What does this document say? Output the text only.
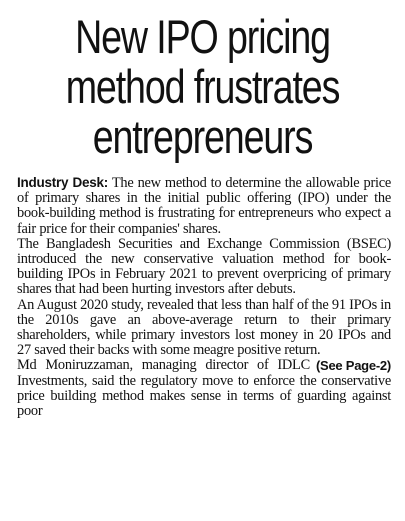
New IPO pricing
method frustrates
entrepreneurs

Industry Desk: The new method to determine the allowable price of primary shares in the initial public offering (IPO) under the book-building method is frustrating for entrepreneurs who expect a fair price for their companies' shares.

The Bangladesh Securities and Exchange Commission (BSEC) introduced the new conservative valuation method for book-building IPOs in February 2021 to prevent overpricing of primary shares that had been hurting investors after debuts.

An August 2020 study, revealed that less than half of the 91 IPOs in the 2010s gave an above-average return to their primary shareholders, while primary investors lost money in 20 IPOs and 27 saved their backs with some meagre positive return.

(See Page-2)
Md Moniruzzaman, managing director of IDLC Investments, said the regulatory move to enforce the conservative price building method makes sense in terms of guarding against poor
